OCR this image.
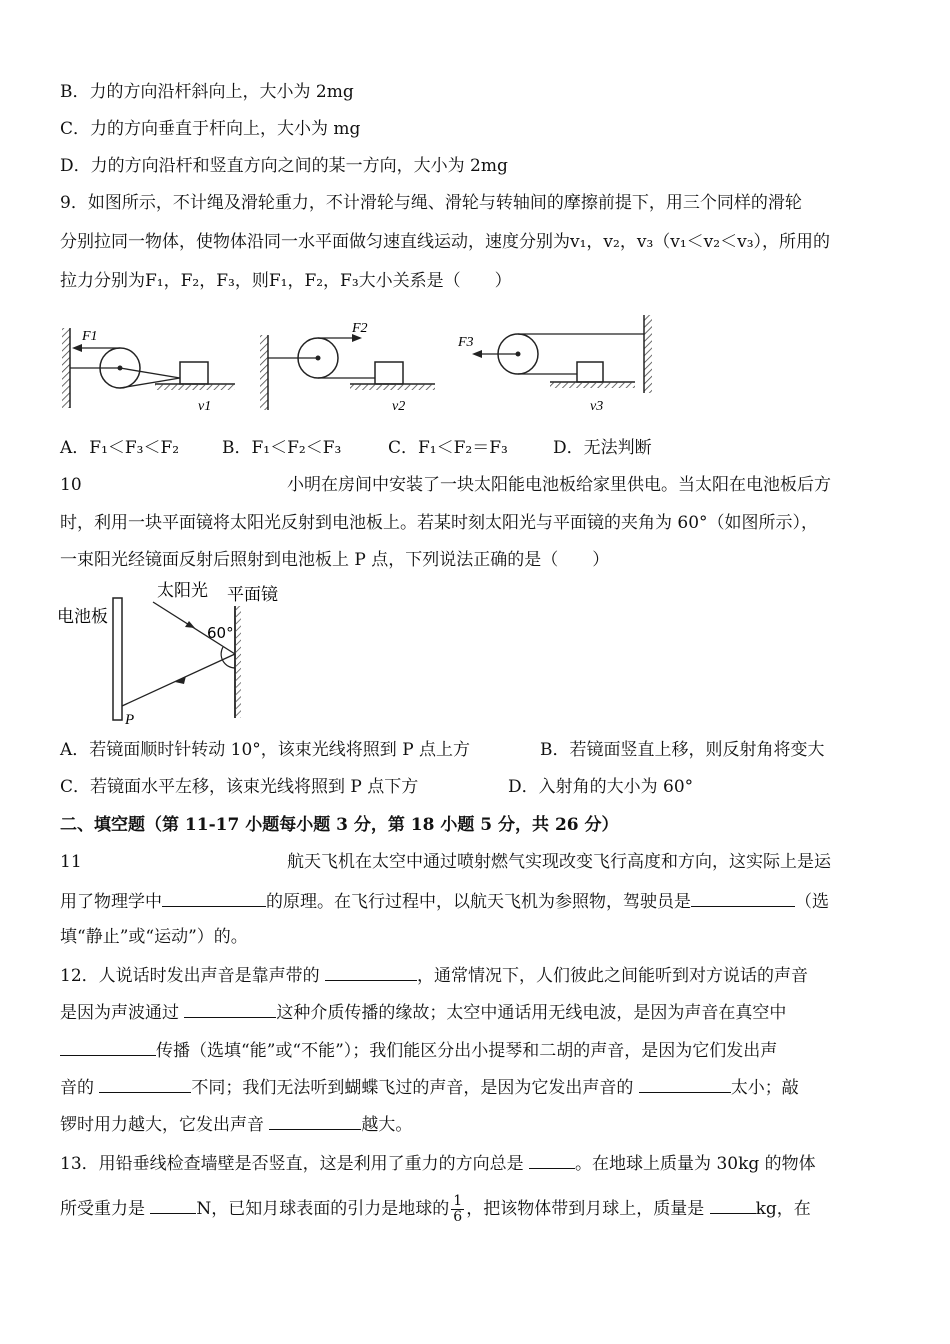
B．力的方向沿杆斜向上，大小为 2mg
C．力的方向垂直于杆向上，大小为 mg
D．力的方向沿杆和竖直方向之间的某一方向，大小为 2mg
9．如图所示，不计绳及滑轮重力，不计滑轮与绳、滑轮与转轴间的摩擦前提下，用三个同样的滑轮
分别拉同一物体，使物体沿同一水平面做匀速直线运动，速度分别为v₁，v₂，v₃（v₁＜v₂＜v₃），所用的
拉力分别为F₁，F₂，F₃，则F₁，F₂，F₃大小关系是（　　）
F1
v1
F2
v2
F3
v3
A．F₁＜F₃＜F₂	B．F₁＜F₂＜F₃	C．F₁＜F₂＝F₃	D．无法判断
10	小明在房间中安装了一块太阳能电池板给家里供电。当太阳在电池板后方
时，利用一块平面镜将太阳光反射到电池板上。若某时刻太阳光与平面镜的夹角为 60°（如图所示），
一束阳光经镜面反射后照射到电池板上 P 点，下列说法正确的是（　　）
电池板
太阳光 平面镜
60°
P
A．若镜面顺时针转动 10°，该束光线将照到 P 点上方	B．若镜面竖直上移，则反射角将变大
C．若镜面水平左移，该束光线将照到 P 点下方	D．入射角的大小为 60°
二、填空题（第 11-17 小题每小题 3 分，第 18 小题 5 分，共 26 分）
11	航天飞机在太空中通过喷射燃气实现改变飞行高度和方向，这实际上是运
用了物理学中	的原理。在飞行过程中，以航天飞机为参照物，驾驶员是	（选
填“静止”或“运动”）的。
12．人说话时发出声音是靠声带的	，通常情况下，人们彼此之间能听到对方说话的声音
是因为声波通过	这种介质传播的缘故；太空中通话用无线电波，是因为声音在真空中
传播（选填“能”或“不能”）；我们能区分出小提琴和二胡的声音，是因为它们发出声
音的	不同；我们无法听到蝴蝶飞过的声音，是因为它发出声音的	太小；敲
锣时用力越大，它发出声音	越大。
13．用铅垂线检查墙壁是否竖直，这是利用了重力的方向总是	。在地球上质量为 30kg 的物体
所受重力是	N，已知月球表面的引力是地球的 $\frac{1}{6}$ ，把该物体带到月球上，质量是	kg，在
